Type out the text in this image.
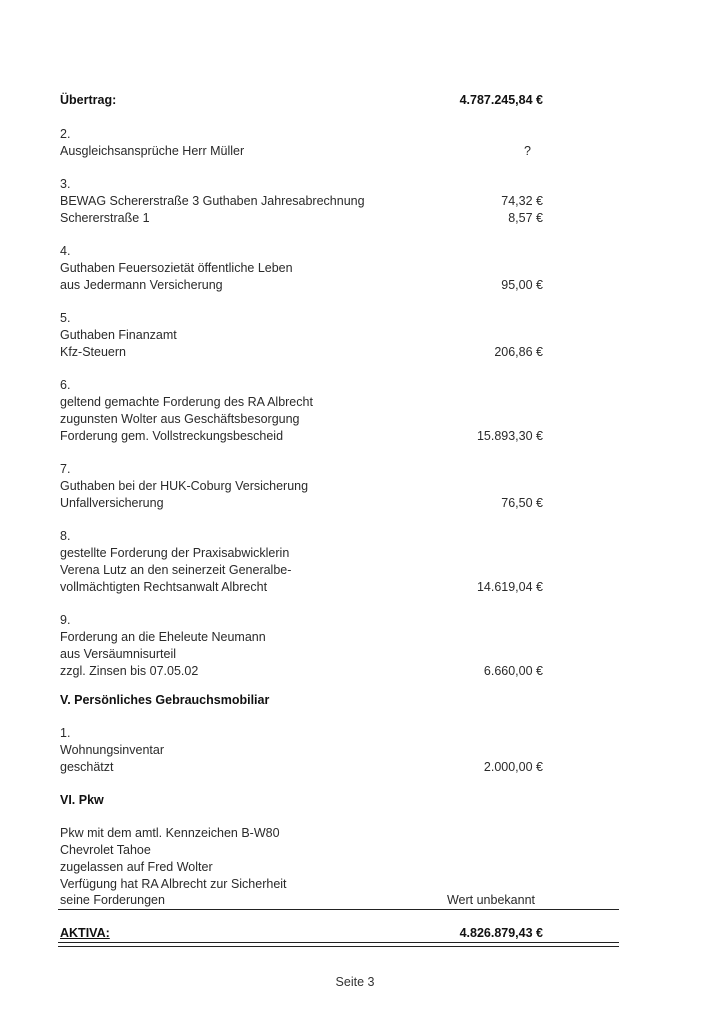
Übertrag:	4.787.245,84 €
2.
Ausgleichsansprüche Herr Müller	?
3.
BEWAG Schererstraße 3 Guthaben Jahresabrechnung	74,32 €
Schererstraße 1	8,57 €
4.
Guthaben Feuersozietät öffentliche Leben
aus Jedermann Versicherung	95,00 €
5.
Guthaben Finanzamt
Kfz-Steuern	206,86 €
6.
geltend gemachte Forderung des RA Albrecht
zugunsten Wolter aus Geschäftsbesorgung
Forderung gem. Vollstreckungsbescheid	15.893,30 €
7.
Guthaben bei der HUK-Coburg Versicherung
Unfallversicherung	76,50 €
8.
gestellte Forderung der Praxisabwicklerin
Verena Lutz an den seinerzeit Generalbe-
vollmächtigten Rechtsanwalt Albrecht	14.619,04 €
9.
Forderung an die Eheleute Neumann
aus Versäumnisurteil
zzgl. Zinsen bis 07.05.02	6.660,00 €
V. Persönliches Gebrauchsmobiliar
1.
Wohnungsinventar
geschätzt	2.000,00 €
VI. Pkw
Pkw mit dem amtl. Kennzeichen B-W80
Chevrolet Tahoe
zugelassen auf Fred Wolter
Verfügung hat RA Albrecht zur Sicherheit
seine Forderungen	Wert unbekannt
AKTIVA:	4.826.879,43 €
Seite 3
